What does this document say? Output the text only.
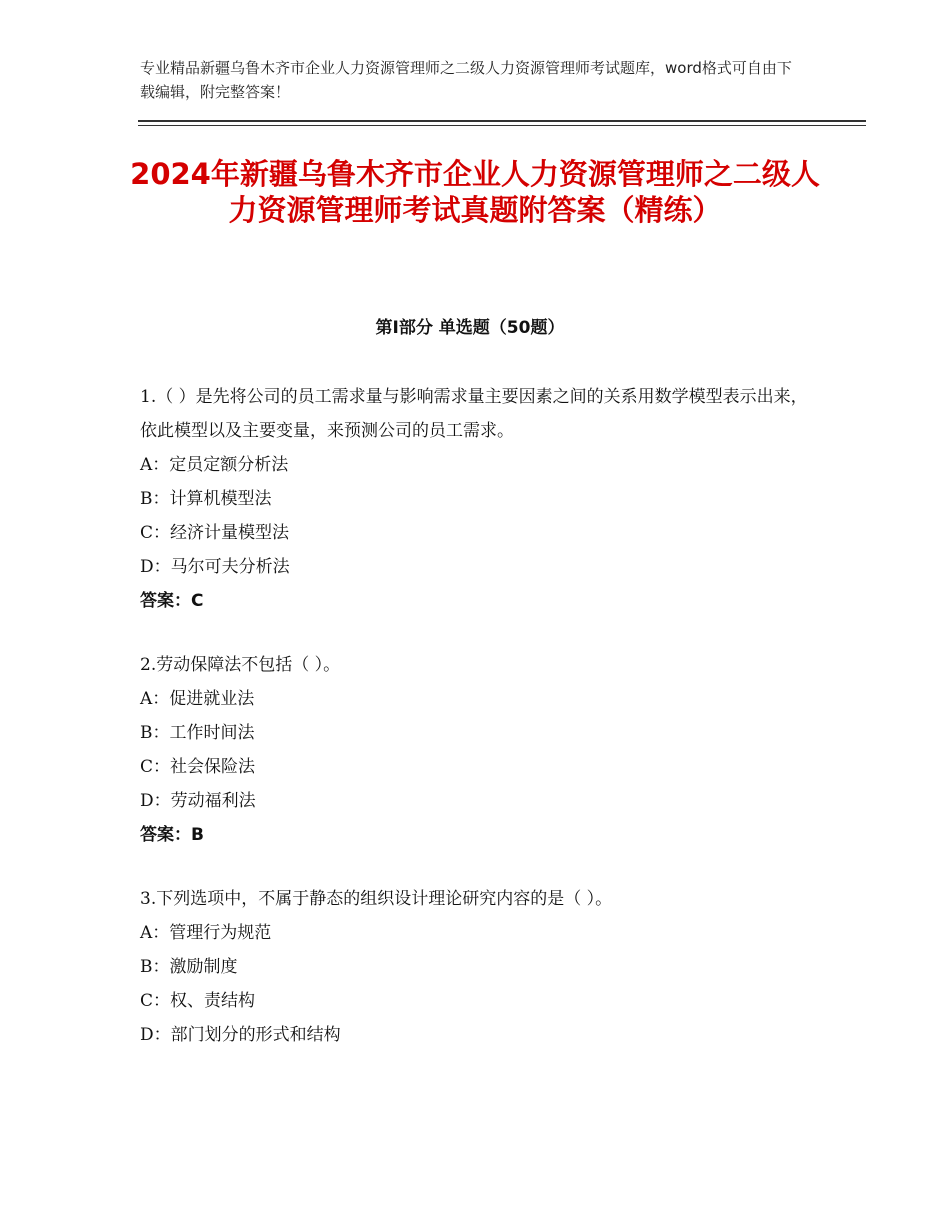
专业精品新疆乌鲁木齐市企业人力资源管理师之二级人力资源管理师考试题库，word格式可自由下载编辑，附完整答案！
2024年新疆乌鲁木齐市企业人力资源管理师之二级人力资源管理师考试真题附答案（精练）
第Ⅰ部分 单选题（50题）

1.（ ）是先将公司的员工需求量与影响需求量主要因素之间的关系用数学模型表示出来，依此模型以及主要变量，来预测公司的员工需求。

A：定员定额分析法

B：计算机模型法

C：经济计量模型法

D：马尔可夫分析法

答案：C

2.劳动保障法不包括（ ）。

A：促进就业法

B：工作时间法

C：社会保险法

D：劳动福利法

答案：B

3.下列选项中，不属于静态的组织设计理论研究内容的是（ ）。

A：管理行为规范

B：激励制度

C：权、责结构

D：部门划分的形式和结构
